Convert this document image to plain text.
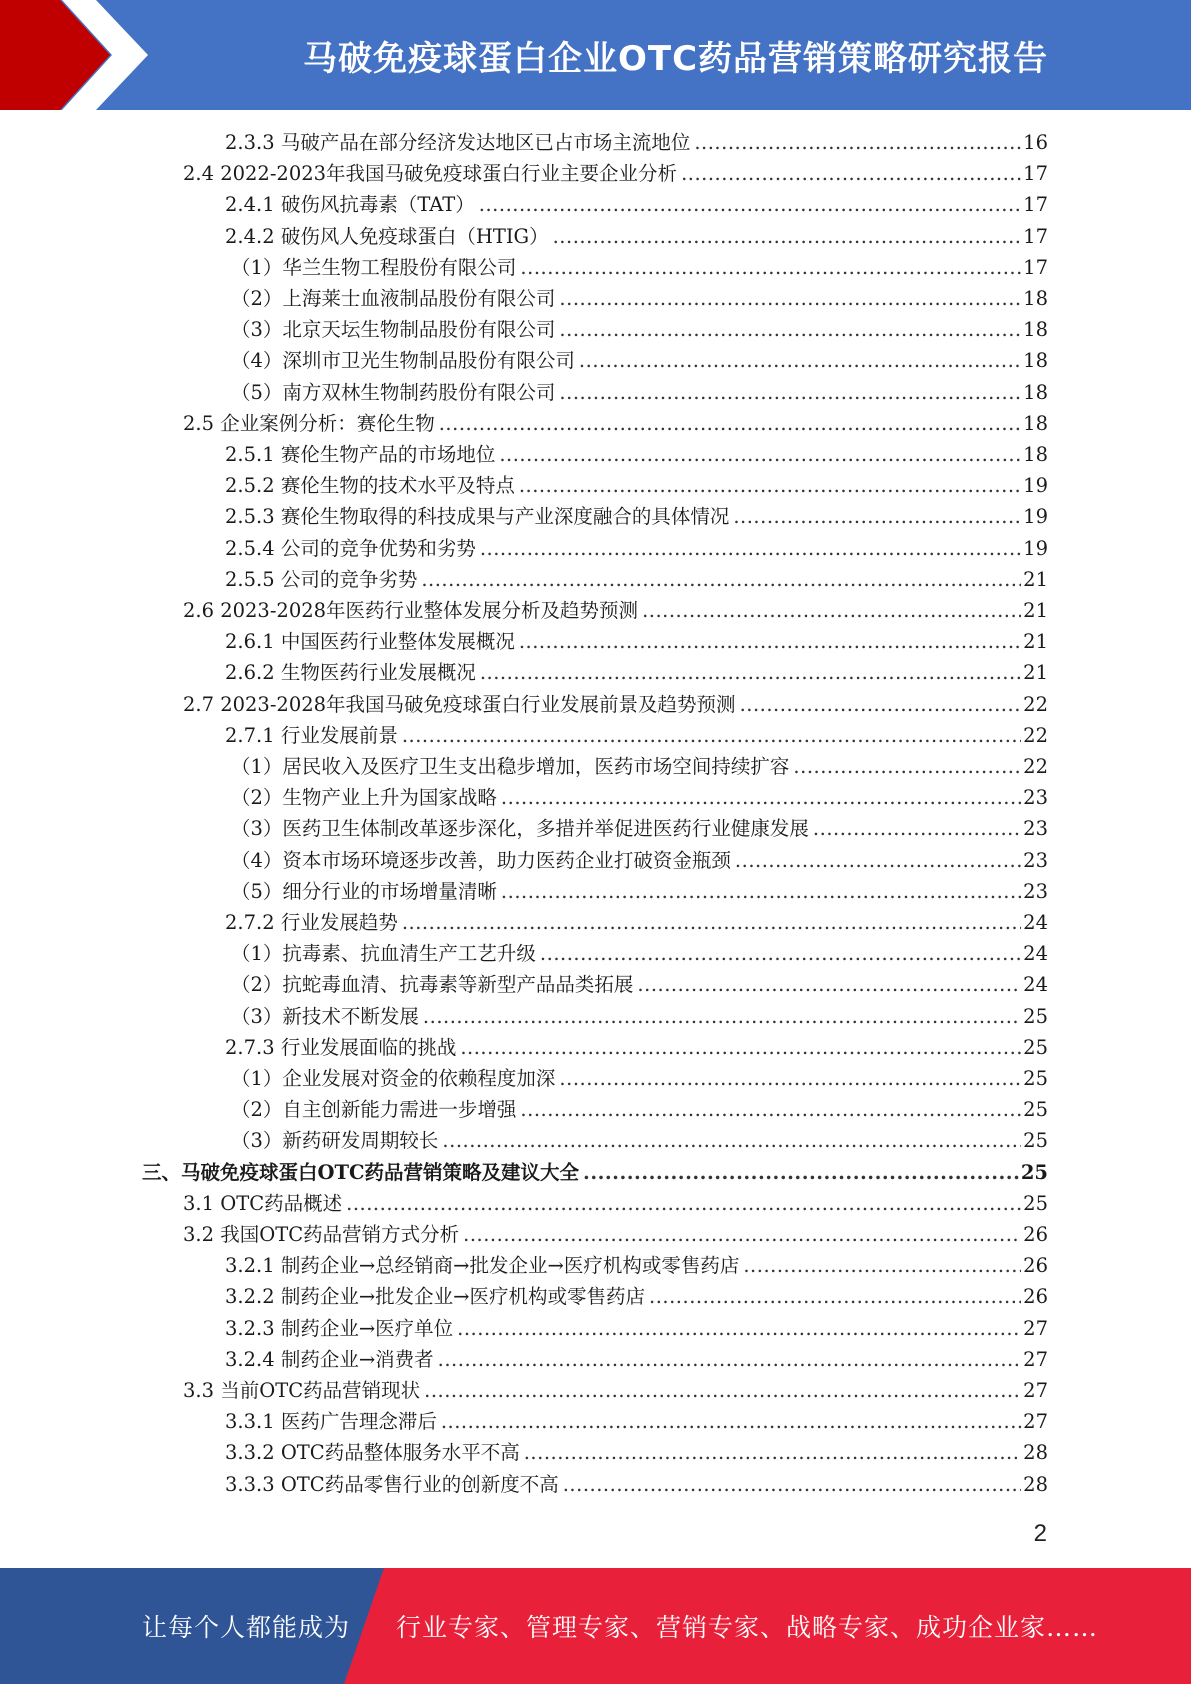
马破免疫球蛋白企业OTC药品营销策略研究报告
2.3.3 马破产品在部分经济发达地区已占市场主流地位 .....	16
2.4 2022-2023年我国马破免疫球蛋白行业主要企业分析 .....	17
2.4.1 破伤风抗毒素（TAT） .....	17
2.4.2 破伤风人免疫球蛋白（HTIG） .....	17
（1）华兰生物工程股份有限公司 .....	17
（2）上海莱士血液制品股份有限公司 .....	18
（3）北京天坛生物制品股份有限公司 .....	18
（4）深圳市卫光生物制品股份有限公司 .....	18
（5）南方双林生物制药股份有限公司 .....	18
2.5 企业案例分析：赛伦生物 .....	18
2.5.1 赛伦生物产品的市场地位 .....	18
2.5.2 赛伦生物的技术水平及特点 .....	19
2.5.3 赛伦生物取得的科技成果与产业深度融合的具体情况 .....	19
2.5.4 公司的竞争优势和劣势 .....	19
2.5.5 公司的竞争劣势 .....	21
2.6 2023-2028年医药行业整体发展分析及趋势预测 .....	21
2.6.1 中国医药行业整体发展概况 .....	21
2.6.2 生物医药行业发展概况 .....	21
2.7 2023-2028年我国马破免疫球蛋白行业发展前景及趋势预测 .....	22
2.7.1 行业发展前景 .....	22
（1）居民收入及医疗卫生支出稳步增加，医药市场空间持续扩容 .....	22
（2）生物产业上升为国家战略 .....	23
（3）医药卫生体制改革逐步深化，多措并举促进医药行业健康发展 .....	23
（4）资本市场环境逐步改善，助力医药企业打破资金瓶颈 .....	23
（5）细分行业的市场增量清晰 .....	23
2.7.2 行业发展趋势 .....	24
（1）抗毒素、抗血清生产工艺升级 .....	24
（2）抗蛇毒血清、抗毒素等新型产品品类拓展 .....	24
（3）新技术不断发展 .....	25
2.7.3 行业发展面临的挑战 .....	25
（1）企业发展对资金的依赖程度加深 .....	25
（2）自主创新能力需进一步增强 .....	25
（3）新药研发周期较长 .....	25
三、马破免疫球蛋白OTC药品营销策略及建议大全 .....	25
3.1 OTC药品概述 .....	25
3.2 我国OTC药品营销方式分析 .....	26
3.2.1 制药企业→总经销商→批发企业→医疗机构或零售药店 .....	26
3.2.2 制药企业→批发企业→医疗机构或零售药店 .....	26
3.2.3 制药企业→医疗单位 .....	27
3.2.4 制药企业→消费者 .....	27
3.3 当前OTC药品营销现状 .....	27
3.3.1 医药广告理念滞后 .....	27
3.3.2 OTC药品整体服务水平不高 .....	28
3.3.3 OTC药品零售行业的创新度不高 .....	28
2
让每个人都能成为 行业专家、管理专家、营销专家、战略专家、成功企业家……
